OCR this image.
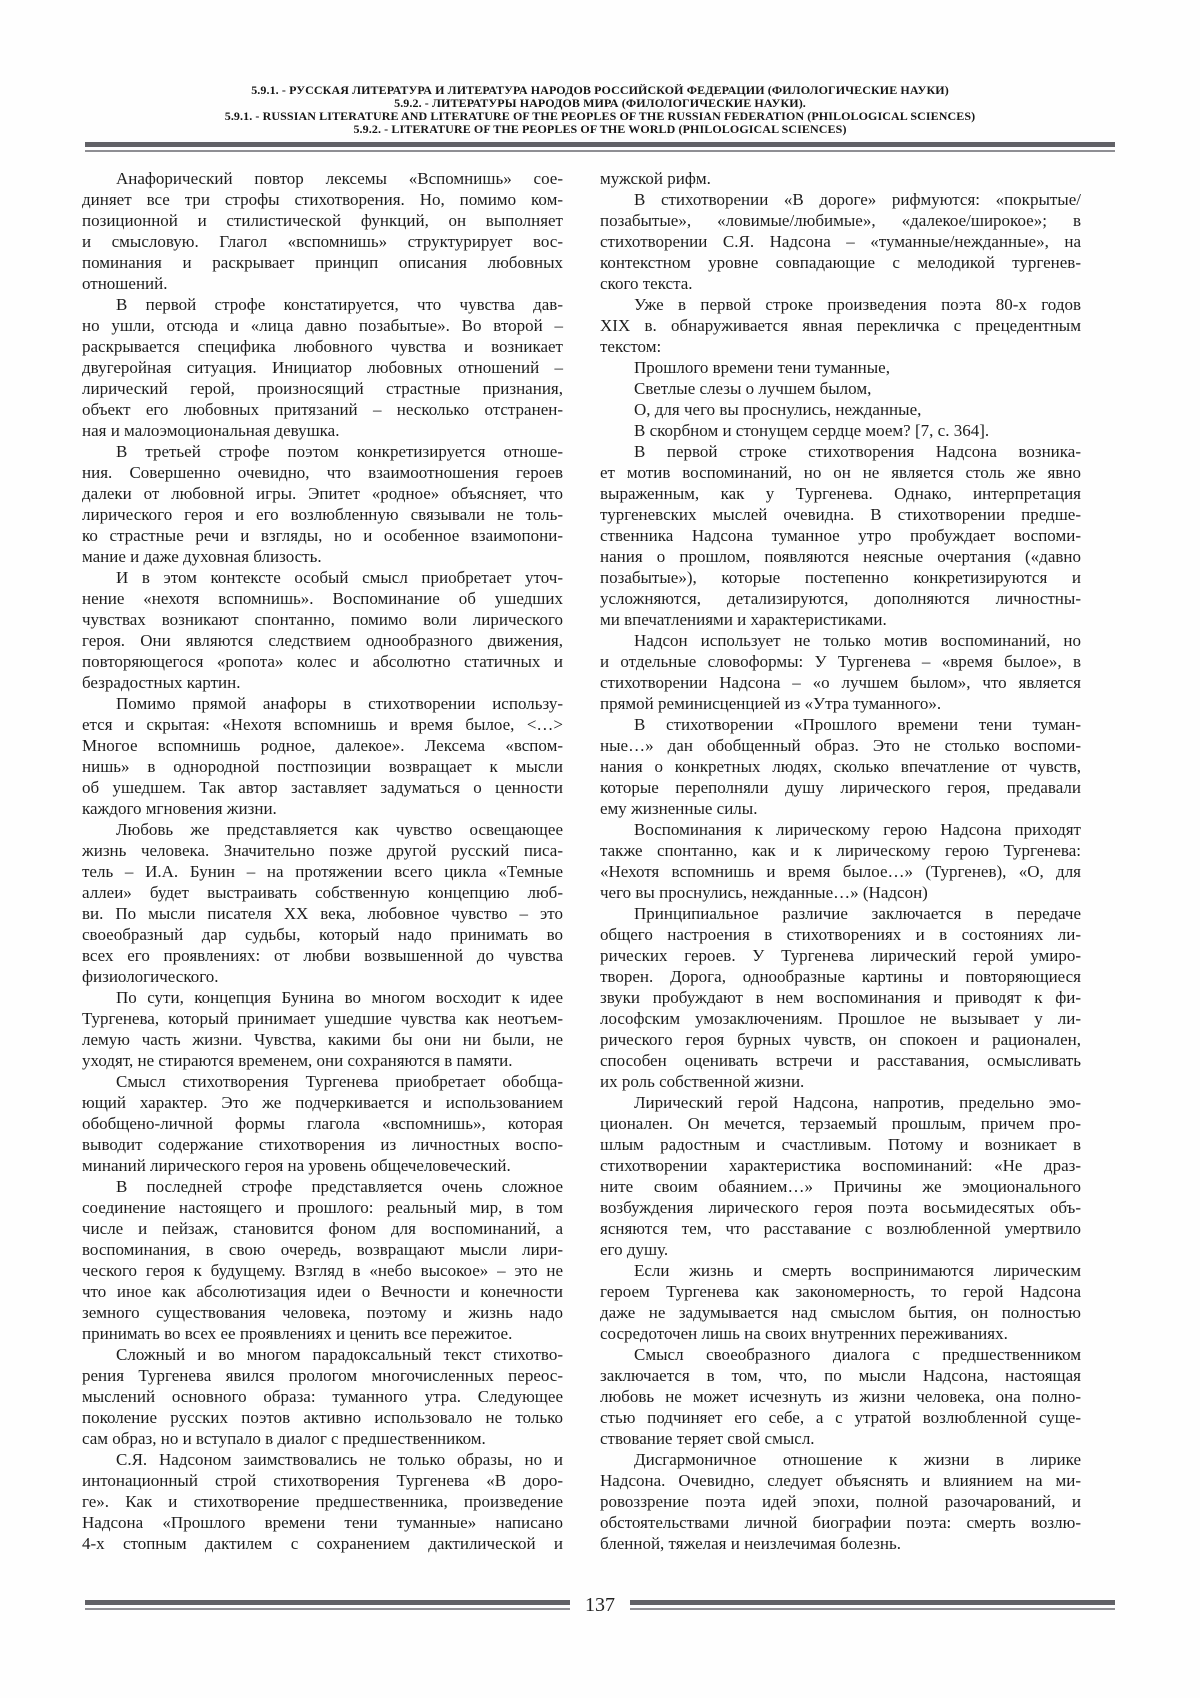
5.9.1. - РУССКАЯ ЛИТЕРАТУРА И ЛИТЕРАТУРА НАРОДОВ РОССИЙСКОЙ ФЕДЕРАЦИИ (ФИЛОЛОГИЧЕСКИЕ НАУКИ)
5.9.2. - ЛИТЕРАТУРЫ НАРОДОВ МИРА (ФИЛОЛОГИЧЕСКИЕ НАУКИ).
5.9.1. - RUSSIAN LITERATURE AND LITERATURE OF THE PEOPLES OF THE RUSSIAN FEDERATION (PHILOLOGICAL SCIENCES)
5.9.2. - LITERATURE OF THE PEOPLES OF THE WORLD (PHILOLOGICAL SCIENCES)
Анафорический повтор лексемы «Вспомнишь» сое-
диняет все три строфы стихотворения. Но, помимо ком-
позиционной и стилистической функций, он выполняет
и смысловую. Глагол «вспомнишь» структурирует вос-
поминания и раскрывает принцип описания любовных
отношений.
В первой строфе констатируется, что чувства дав-
но ушли, отсюда и «лица давно позабытые». Во второй –
раскрывается специфика любовного чувства и возникает
двугеройная ситуация. Инициатор любовных отношений –
лирический герой, произносящий страстные признания,
объект его любовных притязаний – несколько отстранен-
ная и малоэмоциональная девушка.
В третьей строфе поэтом конкретизируется отноше-
ния. Совершенно очевидно, что взаимоотношения героев
далеки от любовной игры. Эпитет «родное» объясняет, что
лирического героя и его возлюбленную связывали не толь-
ко страстные речи и взгляды, но и особенное взаимопони-
мание и даже духовная близость.
И в этом контексте особый смысл приобретает уточ-
нение «нехотя вспомнишь». Воспоминание об ушедших
чувствах возникают спонтанно, помимо воли лирического
героя. Они являются следствием однообразного движения,
повторяющегося «ропота» колес и абсолютно статичных и
безрадостных картин.
Помимо прямой анафоры в стихотворении использу-
ется и скрытая: «Нехотя вспомнишь и время былое, <…>
Многое вспомнишь родное, далекое». Лексема «вспом-
нишь» в однородной постпозиции возвращает к мысли
об ушедшем. Так автор заставляет задуматься о ценности
каждого мгновения жизни.
Любовь же представляется как чувство освещающее
жизнь человека. Значительно позже другой русский писа-
тель – И.А. Бунин – на протяжении всего цикла «Темные
аллеи» будет выстраивать собственную концепцию люб-
ви. По мысли писателя XX века, любовное чувство – это
своеобразный дар судьбы, который надо принимать во
всех его проявлениях: от любви возвышенной до чувства
физиологического.
По сути, концепция Бунина во многом восходит к идее
Тургенева, который принимает ушедшие чувства как неотъем-
лемую часть жизни. Чувства, какими бы они ни были, не
уходят, не стираются временем, они сохраняются в памяти.
Смысл стихотворения Тургенева приобретает обобща-
ющий характер. Это же подчеркивается и использованием
обобщено-личной формы глагола «вспомнишь», которая
выводит содержание стихотворения из личностных воспо-
минаний лирического героя на уровень общечеловеческий.
В последней строфе представляется очень сложное
соединение настоящего и прошлого: реальный мир, в том
числе и пейзаж, становится фоном для воспоминаний, а
воспоминания, в свою очередь, возвращают мысли лири-
ческого героя к будущему. Взгляд в «небо высокое» – это не
что иное как абсолютизация идеи о Вечности и конечности
земного существования человека, поэтому и жизнь надо
принимать во всех ее проявлениях и ценить все пережитое.
Сложный и во многом парадоксальный текст стихотво-
рения Тургенева явился прологом многочисленных переос-
мыслений основного образа: туманного утра. Следующее
поколение русских поэтов активно использовало не только
сам образ, но и вступало в диалог с предшественником.
С.Я. Надсоном заимствовались не только образы, но и
интонационный строй стихотворения Тургенева «В доро-
ге». Как и стихотворение предшественника, произведение
Надсона «Прошлого времени тени туманные» написано
4-х стопным дактилем с сохранением дактилической и
мужской рифм.
В стихотворении «В дороге» рифмуются: «покрытые/
позабытые», «ловимые/любимые», «далекое/широкое»; в
стихотворении С.Я. Надсона – «туманные/нежданные», на
контекстном уровне совпадающие с мелодикой тургенев-
ского текста.
Уже в первой строке произведения поэта 80-х годов
XIX в. обнаруживается явная перекличка с прецедентным
текстом:
Прошлого времени тени туманные,
Светлые слезы о лучшем былом,
О, для чего вы проснулись, нежданные,
В скорбном и стонущем сердце моем? [7, с. 364].
В первой строке стихотворения Надсона возника-
ет мотив воспоминаний, но он не является столь же явно
выраженным, как у Тургенева. Однако, интерпретация
тургеневских мыслей очевидна. В стихотворении предше-
ственника Надсона туманное утро пробуждает воспоми-
нания о прошлом, появляются неясные очертания («давно
позабытые»), которые постепенно конкретизируются и
усложняются, детализируются, дополняются личностны-
ми впечатлениями и характеристиками.
Надсон использует не только мотив воспоминаний, но
и отдельные словоформы: У Тургенева – «время былое», в
стихотворении Надсона – «о лучшем былом», что является
прямой реминисценцией из «Утра туманного».
В стихотворении «Прошлого времени тени туман-
ные…» дан обобщенный образ. Это не столько воспоми-
нания о конкретных людях, сколько впечатление от чувств,
которые переполняли душу лирического героя, предавали
ему жизненные силы.
Воспоминания к лирическому герою Надсона приходят
также спонтанно, как и к лирическому герою Тургенева:
«Нехотя вспомнишь и время былое…» (Тургенев), «О, для
чего вы проснулись, нежданные…» (Надсон)
Принципиальное различие заключается в передаче
общего настроения в стихотворениях и в состояниях ли-
рических героев. У Тургенева лирический герой умиро-
творен. Дорога, однообразные картины и повторяющиеся
звуки пробуждают в нем воспоминания и приводят к фи-
лософским умозаключениям. Прошлое не вызывает у ли-
рического героя бурных чувств, он спокоен и рационален,
способен оценивать встречи и расставания, осмысливать
их роль собственной жизни.
Лирический герой Надсона, напротив, предельно эмо-
ционален. Он мечется, терзаемый прошлым, причем про-
шлым радостным и счастливым. Потому и возникает в
стихотворении характеристика воспоминаний: «Не драз-
ните своим обаянием…» Причины же эмоционального
возбуждения лирического героя поэта восьмидесятых объ-
ясняются тем, что расставание с возлюбленной умертвило
его душу.
Если жизнь и смерть воспринимаются лирическим
героем Тургенева как закономерность, то герой Надсона
даже не задумывается над смыслом бытия, он полностью
сосредоточен лишь на своих внутренних переживаниях.
Смысл своеобразного диалога с предшественником
заключается в том, что, по мысли Надсона, настоящая
любовь не может исчезнуть из жизни человека, она полно-
стью подчиняет его себе, а с утратой возлюбленной суще-
ствование теряет свой смысл.
Дисгармоничное отношение к жизни в лирике
Надсона. Очевидно, следует объяснять и влиянием на ми-
ровоззрение поэта идей эпохи, полной разочарований, и
обстоятельствами личной биографии поэта: смерть возлю-
бленной, тяжелая и неизлечимая болезнь.
137
